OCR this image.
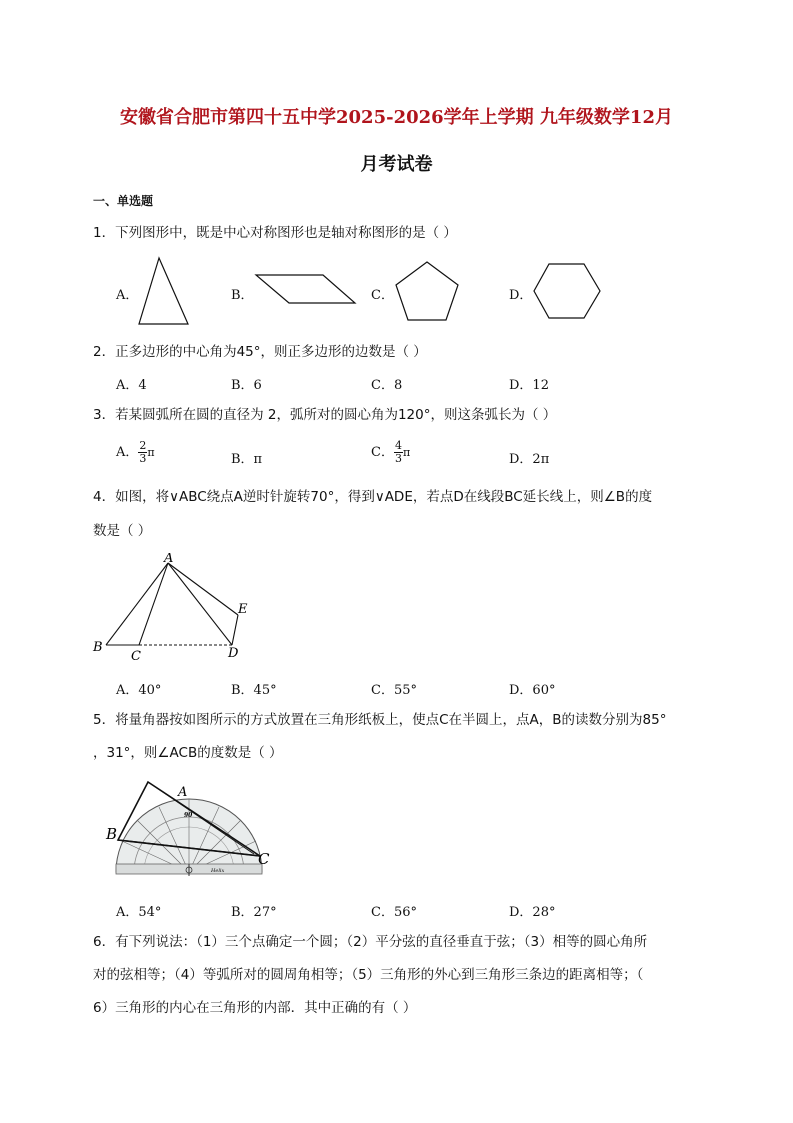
安徽省合肥市第四十五中学2025-2026学年上学期 九年级数学12月
月考试卷
一、单选题
1．下列图形中，既是中心对称图形也是轴对称图形的是（ ）
A．	B．	C．	D．
2．正多边形的中心角为45°，则正多边形的边数是（ ）
A．4	B．6	C．8	D．12
3．若某圆弧所在圆的直径为 2，弧所对的圆心角为120°，则这条弧长为（ ）
A． $\frac{2}{3}$ π	B．π	C． $\frac{4}{3}$ π	D．2π
4．如图，将∨ABC绕点A逆时针旋转70°，得到∨ADE，若点D在线段BC延长线上，则∠B的度
数是（ ）
A
B
C	D
E
A．40°	B．45°	C．55°	D．60°
5．将量角器按如图所示的方式放置在三角形纸板上，使点C在半圆上，点A，B的读数分别为85°
，31°，则∠ACB的度数是（ ）
A
B
C
90
Helix
A．54°	B．27°	C．56°	D．28°
6．有下列说法：（1）三个点确定一个圆；（2）平分弦的直径垂直于弦；（3）相等的圆心角所
对的弦相等；（4）等弧所对的圆周角相等；（5）三角形的外心到三角形三条边的距离相等；（
6）三角形的内心在三角形的内部．其中正确的有（ ）
